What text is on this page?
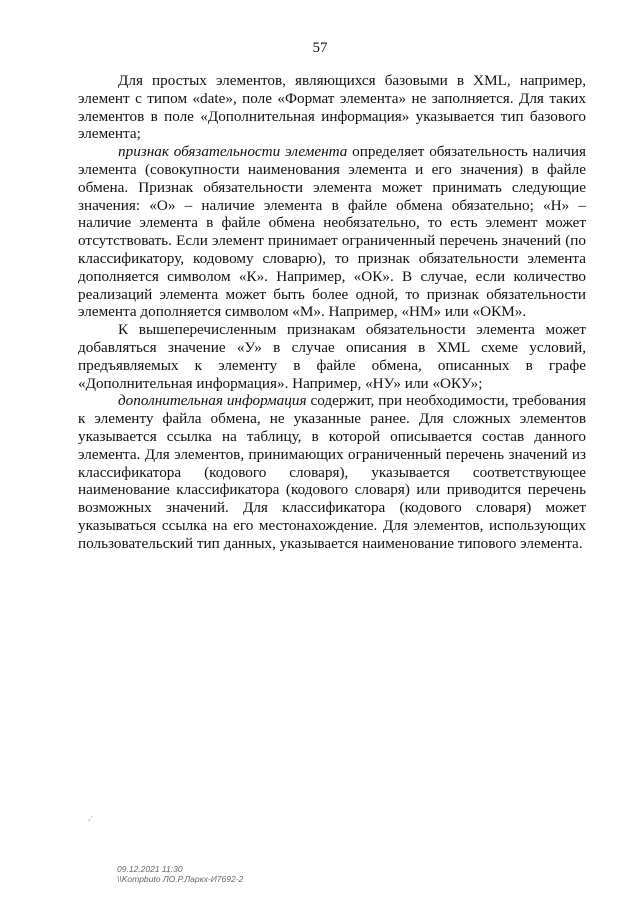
57

Для простых элементов, являющихся базовыми в XML, например, элемент с типом «date», поле «Формат элемента» не заполняется. Для таких элементов в поле «Дополнительная информация» указывается тип базового элемента;

признак обязательности элемента определяет обязательность наличия элемента (совокупности наименования элемента и его значения) в файле обмена. Признак обязательности элемента может принимать следующие значения: «О» – наличие элемента в файле обмена обязательно; «Н» – наличие элемента в файле обмена необязательно, то есть элемент может отсутствовать. Если элемент принимает ограниченный перечень значений (по классификатору, кодовому словарю), то признак обязательности элемента дополняется символом «К». Например, «ОК». В случае, если количество реализаций элемента может быть более одной, то признак обязательности элемента дополняется символом «М». Например, «НМ» или «ОКМ».

К вышеперечисленным признакам обязательности элемента может добавляться значение «У» в случае описания в XML схеме условий, предъявляемых к элементу в файле обмена, описанных в графе «Дополнительная информация». Например, «НУ» или «ОКУ»;

дополнительная информация содержит, при необходимости, требования к элементу файла обмена, не указанные ранее. Для сложных элементов указывается ссылка на таблицу, в которой описывается состав данного элемента. Для элементов, принимающих ограниченный перечень значений из классификатора (кодового словаря), указывается соответствующее наименование классификатора (кодового словаря) или приводится перечень возможных значений. Для классификатора (кодового словаря) может указываться ссылка на его местонахождение. Для элементов, использующих пользовательский тип данных, указывается наименование типового элемента.

,·
09.12.2021 11:30
\\Kompbuto ЛО.Р.Ларкх-И7692-2
